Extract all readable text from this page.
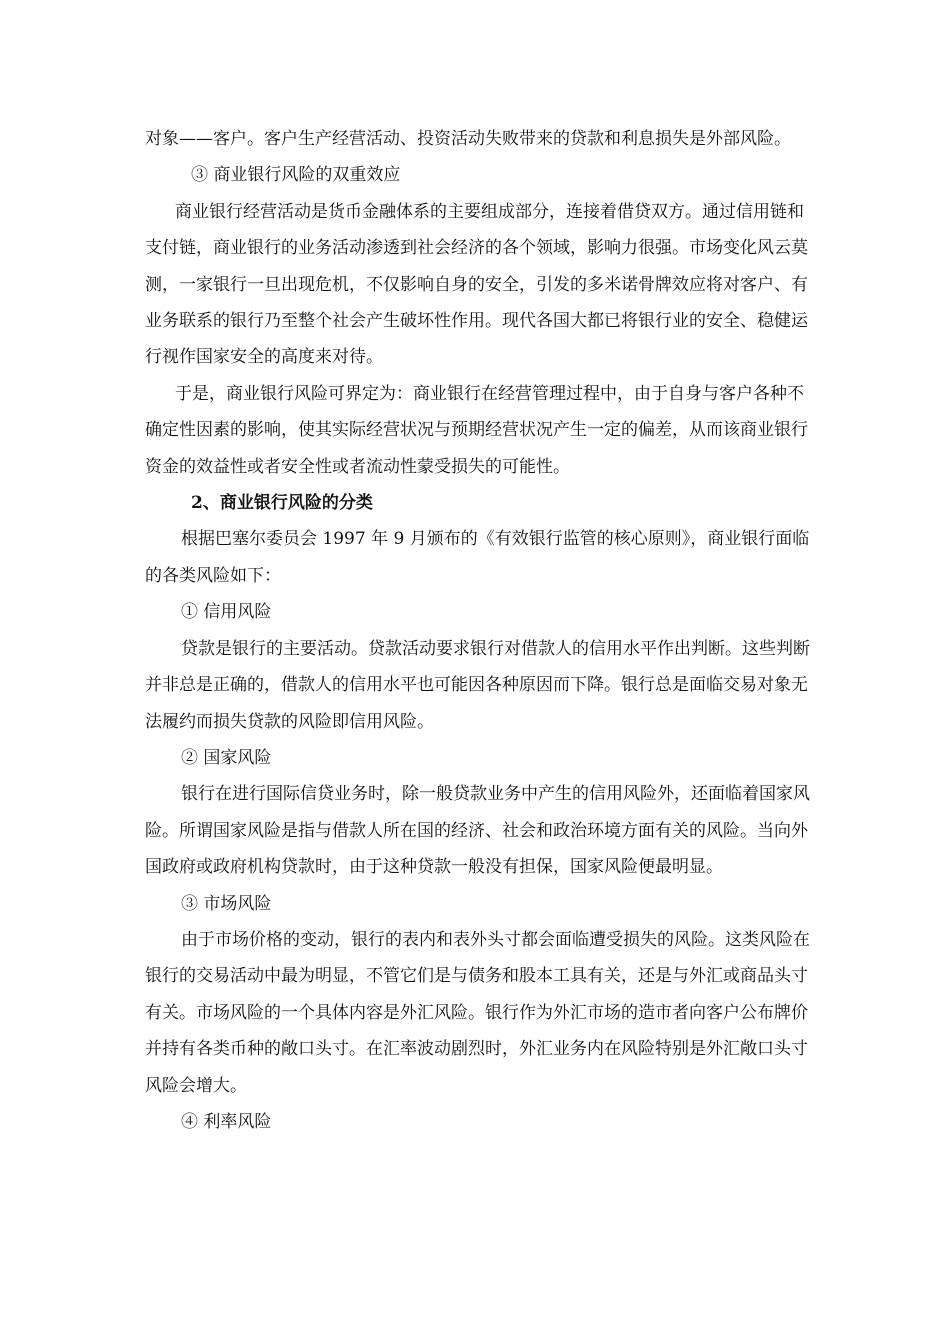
对象——客户。客户生产经营活动、投资活动失败带来的贷款和利息损失是外部风险。

③ 商业银行风险的双重效应

商业银行经营活动是货币金融体系的主要组成部分，连接着借贷双方。通过信用链和支付链，商业银行的业务活动渗透到社会经济的各个领域，影响力很强。市场变化风云莫测，一家银行一旦出现危机，不仅影响自身的安全，引发的多米诺骨牌效应将对客户、有业务联系的银行乃至整个社会产生破坏性作用。现代各国大都已将银行业的安全、稳健运行视作国家安全的高度来对待。

于是，商业银行风险可界定为：商业银行在经营管理过程中，由于自身与客户各种不确定性因素的影响，使其实际经营状况与预期经营状况产生一定的偏差，从而该商业银行资金的效益性或者安全性或者流动性蒙受损失的可能性。

2、商业银行风险的分类

根据巴塞尔委员会 1997 年 9 月颁布的《有效银行监管的核心原则》，商业银行面临的各类风险如下：

① 信用风险

贷款是银行的主要活动。贷款活动要求银行对借款人的信用水平作出判断。这些判断并非总是正确的，借款人的信用水平也可能因各种原因而下降。银行总是面临交易对象无法履约而损失贷款的风险即信用风险。

② 国家风险

银行在进行国际信贷业务时，除一般贷款业务中产生的信用风险外，还面临着国家风险。所谓国家风险是指与借款人所在国的经济、社会和政治环境方面有关的风险。当向外国政府或政府机构贷款时，由于这种贷款一般没有担保，国家风险便最明显。

③ 市场风险

由于市场价格的变动，银行的表内和表外头寸都会面临遭受损失的风险。这类风险在银行的交易活动中最为明显，不管它们是与债务和股本工具有关，还是与外汇或商品头寸有关。市场风险的一个具体内容是外汇风险。银行作为外汇市场的造市者向客户公布牌价并持有各类币种的敞口头寸。在汇率波动剧烈时，外汇业务内在风险特别是外汇敞口头寸风险会增大。

④ 利率风险
